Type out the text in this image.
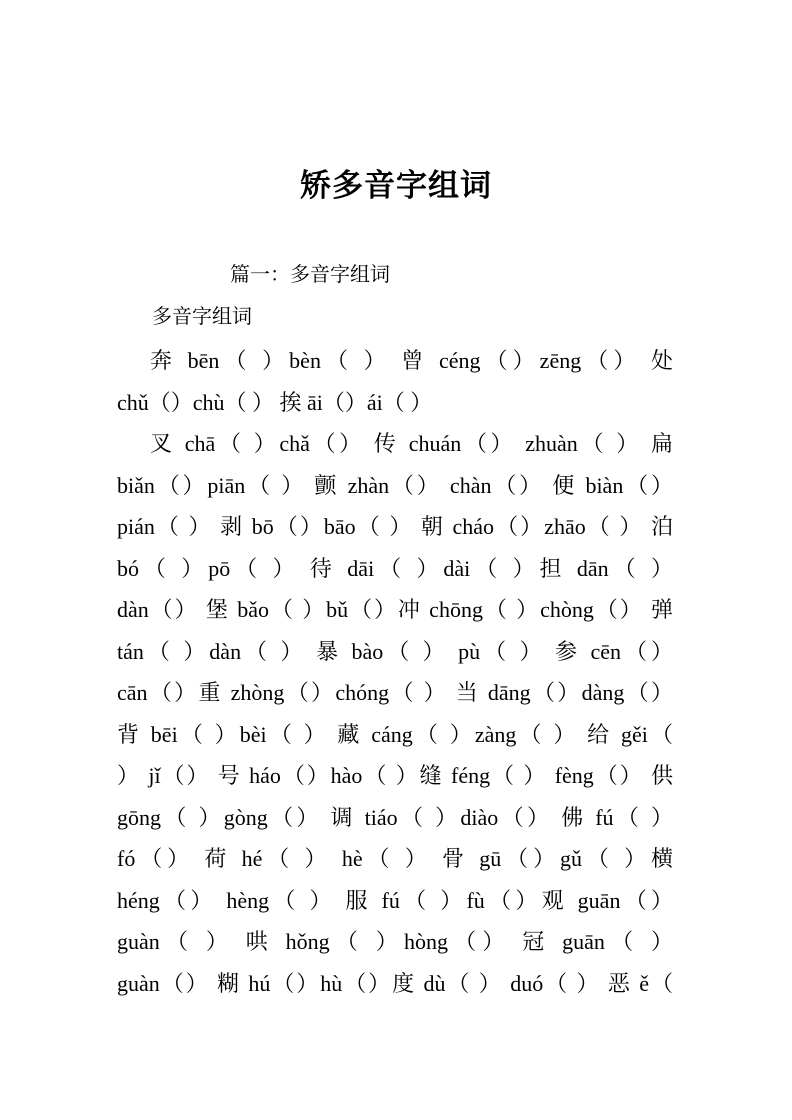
矫多音字组词
篇一：多音字组词
多音字组词
奔 bēn（ ）bèn（ ） 曾 céng（）zēng（） 处
chǔ（）chù（ ） 挨 āi（）ái（ ）
叉 chā（ ）chǎ（） 传 chuán（） zhuàn（ ） 扁
biǎn（）piān（ ） 颤 zhàn（） chàn（） 便 biàn（）
pián（ ） 剥 bō（）bāo（ ） 朝 cháo（）zhāo（ ） 泊
bó（ ）pō（ ） 待 dāi（ ）dài（ ）担 dān（ ）
dàn（） 堡 bǎo（ ）bǔ（）冲 chōng（ ）chòng（） 弹
tán（ ）dàn（ ） 暴 bào（ ） pù（ ） 参 cēn（）
cān（）重 zhòng（）chóng（ ） 当 dāng（）dàng（）
背 bēi（ ）bèi（ ） 藏 cáng（ ）zàng（ ） 给 gěi（
） jǐ（） 号 háo（）hào（ ）缝 féng（ ） fèng（） 供
gōng（ ）gòng（） 调 tiáo（ ）diào（） 佛 fú（ ）
fó（） 荷 hé（ ） hè（ ） 骨 gū（）gǔ（ ）横
héng（） hèng（ ） 服 fú（ ）fù（）观 guān（）
guàn（ ） 哄 hǒng（ ）hòng（） 冠 guān（ ）
guàn（） 糊 hú（）hù（）度 dù（ ） duó（ ） 恶 ě（
